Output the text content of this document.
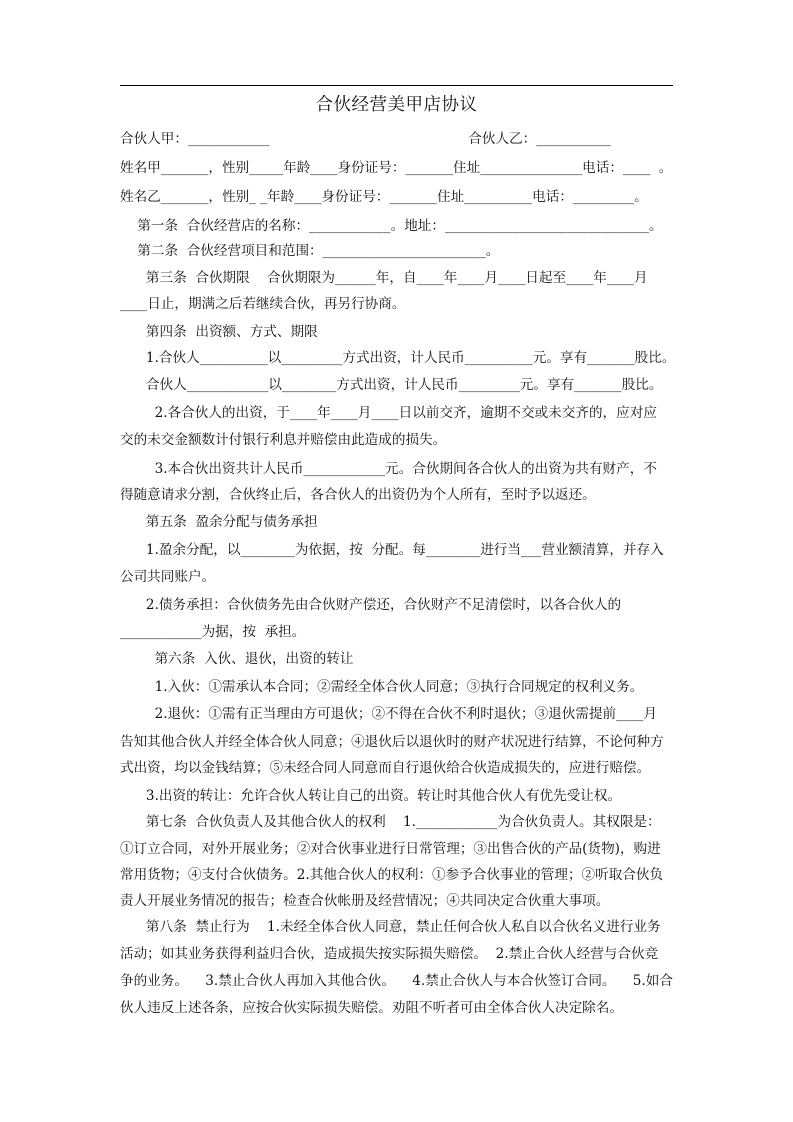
合伙经营美甲店协议
合伙人甲：____________                                              合伙人乙：___________
姓名甲_______，性别_____年龄____身份证号：_______住址_______________电话：____  。
姓名乙_______，性别_ _年龄____身份证号：_______住址__________电话：_________。
第一条  合伙经营店的名称：____________。地址：______________________________。
第二条  合伙经营项目和范围：________________________。
第三条  合伙期限    合伙期限为______年，自____年____月____日起至____年____月
____日止，期满之后若继续合伙，再另行协商。
第四条  出资额、方式、期限
1.合伙人__________以_________方式出资，计人民币__________元。享有_______股比。
合伙人____________以________方式出资，计人民币_________元。享有_______股比。
2.各合伙人的出资，于____年____月____日以前交齐，逾期不交或未交齐的，应对应
交的未交金额数计付银行利息并赔偿由此造成的损失。
3.本合伙出资共计人民币____________元。合伙期间各合伙人的出资为共有财产，不
得随意请求分割，合伙终止后，各合伙人的出资仍为个人所有，至时予以返还。
第五条  盈余分配与债务承担
1.盈余分配，以________为依据，按  分配。每________进行当___营业额清算，并存入
公司共同账户。
2.债务承担：合伙债务先由合伙财产偿还，合伙财产不足清偿时，以各合伙人的
____________为据，按  承担。
第六条  入伙、退伙，出资的转让
1.入伙：①需承认本合同；②需经全体合伙人同意；③执行合同规定的权利义务。
2.退伙：①需有正当理由方可退伙；②不得在合伙不利时退伙；③退伙需提前____月
告知其他合伙人并经全体合伙人同意；④退伙后以退伙时的财产状况进行结算，不论何种方
式出资，均以金钱结算；⑤未经合同人同意而自行退伙给合伙造成损失的，应进行赔偿。
3.出资的转让：允许合伙人转让自己的出资。转让时其他合伙人有优先受让权。
第七条  合伙负责人及其他合伙人的权利    1.____________为合伙负责人。其权限是：
①订立合同，对外开展业务；②对合伙事业进行日常管理；③出售合伙的产品(货物)，购进
常用货物；④支付合伙债务。2.其他合伙人的权利：①参予合伙事业的管理；②听取合伙负
责人开展业务情况的报告；检查合伙帐册及经营情况；④共同决定合伙重大事项。
第八条  禁止行为    1.未经全体合伙人同意，禁止任何合伙人私自以合伙名义进行业务
活动；如其业务获得利益归合伙，造成损失按实际损失赔偿。  2.禁止合伙人经营与合伙竞
争的业务。    3.禁止合伙人再加入其他合伙。    4.禁止合伙人与本合伙签订合同。    5.如合
伙人违反上述各条，应按合伙实际损失赔偿。劝阻不听者可由全体合伙人决定除名。
